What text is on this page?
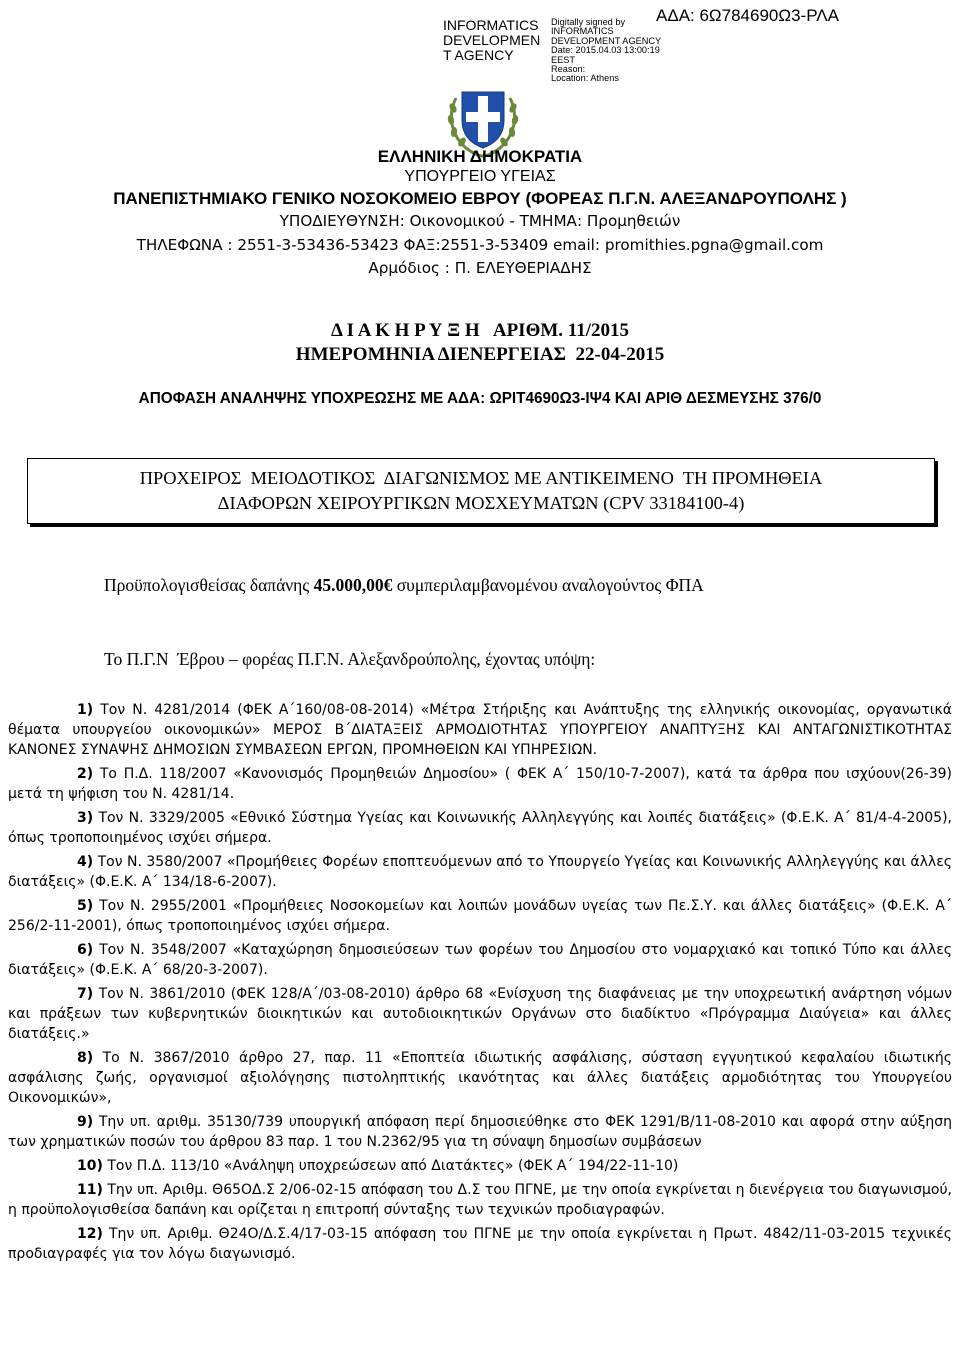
INFORMATICS
DEVELOPMEN
T AGENCY
Digitally signed by
INFORMATICS
DEVELOPMENT AGENCY
Date: 2015.04.03 13:00:19
EEST
Reason:
Location: Athens
ΑΔΑ: 6Ω784690Ω3-ΡΛΑ
ΕΛΛΗΝΙΚΗ ΔΗΜΟΚΡΑΤΙΑ
ΥΠΟΥΡΓΕΙΟ ΥΓΕΙΑΣ
ΠΑΝΕΠΙΣΤΗΜΙΑΚΟ ΓΕΝΙΚΟ ΝΟΣΟΚΟΜΕΙΟ ΕΒΡΟΥ (ΦΟΡΕΑΣ Π.Γ.Ν. ΑΛΕΞΑΝΔΡΟΥΠΟΛΗΣ )
ΥΠΟΔΙΕΥΘΥΝΣΗ: Οικονομικού - ΤΜΗΜΑ: Προμηθειών
ΤΗΛΕΦΩΝΑ : 2551-3-53436-53423 ΦΑΞ:2551-3-53409 email: promithies.pgna@gmail.com
Αρμόδιος : Π. ΕΛΕΥΘΕΡΙΑΔΗΣ
Δ Ι Α Κ Η Ρ Υ Ξ Η   ΑΡΙΘΜ. 11/2015
ΗΜΕΡΟΜΗΝΙΑ ΔΙΕΝΕΡΓΕΙΑΣ  22-04-2015
ΑΠΟΦΑΣΗ ΑΝΑΛΗΨΗΣ ΥΠΟΧΡΕΩΣΗΣ ΜΕ ΑΔΑ: ΩΡΙΤ4690Ω3-ΙΨ4 ΚΑΙ ΑΡΙΘ ΔΕΣΜΕΥΣΗΣ 376/0
ΠΡΟΧΕΙΡΟΣ  ΜΕΙΟΔΟΤΙΚΟΣ  ΔΙΑΓΩΝΙΣΜΟΣ ΜΕ ΑΝΤΙΚΕΙΜΕΝΟ  ΤΗ ΠΡΟΜΗΘΕΙΑ
ΔΙΑΦΟΡΩΝ ΧΕΙΡΟΥΡΓΙΚΩΝ ΜΟΣΧΕΥΜΑΤΩΝ (CPV 33184100-4)
Προϋπολογισθείσας δαπάνης 45.000,00€ συμπεριλαμβανομένου αναλογούντος ΦΠΑ
Το Π.Γ.Ν  Έβρου – φορέας Π.Γ.Ν. Αλεξανδρούπολης, έχοντας υπόψη:

1) Τον Ν. 4281/2014 (ΦΕΚ Α΄160/08-08-2014) «Μέτρα Στήριξης και Ανάπτυξης της ελληνικής οικονομίας, οργανωτικά θέματα υπουργείου οικονομικών» ΜΕΡΟΣ Β΄ΔΙΑΤΑΞΕΙΣ ΑΡΜΟΔΙΟΤΗΤΑΣ ΥΠΟΥΡΓΕΙΟΥ ΑΝΑΠΤΥΞΗΣ ΚΑΙ ΑΝΤΑΓΩΝΙΣΤΙΚΟΤΗΤΑΣ ΚΑΝΟΝΕΣ ΣΥΝΑΨΗΣ ΔΗΜΟΣΙΩΝ ΣΥΜΒΑΣΕΩΝ ΕΡΓΩΝ, ΠΡΟΜΗΘΕΙΩΝ ΚΑΙ ΥΠΗΡΕΣΙΩΝ.

2) Το Π.Δ. 118/2007 «Κανονισμός Προμηθειών Δημοσίου» ( ΦΕΚ Α΄ 150/10-7-2007), κατά τα άρθρα που ισχύουν(26-39) μετά τη ψήφιση του Ν. 4281/14.

3) Τον Ν. 3329/2005 «Εθνικό Σύστημα Υγείας και Κοινωνικής Αλληλεγγύης και λοιπές διατάξεις» (Φ.Ε.Κ. Α΄ 81/4-4-2005), όπως τροποποιημένος ισχύει σήμερα.

4) Τον Ν. 3580/2007 «Προμήθειες Φορέων εποπτευόμενων από το Υπουργείο Υγείας και Κοινωνικής Αλληλεγγύης και άλλες διατάξεις» (Φ.Ε.Κ. Α΄ 134/18-6-2007).

5) Τον Ν. 2955/2001 «Προμήθειες Νοσοκομείων και λοιπών μονάδων υγείας των Πε.Σ.Υ. και άλλες διατάξεις» (Φ.Ε.Κ. Α΄ 256/2-11-2001), όπως τροποποιημένος ισχύει σήμερα.

6) Τον Ν. 3548/2007 «Καταχώρηση δημοσιεύσεων των φορέων του Δημοσίου στο νομαρχιακό και τοπικό Τύπο και άλλες διατάξεις» (Φ.Ε.Κ. Α΄ 68/20-3-2007).

7) Τον Ν. 3861/2010 (ΦΕΚ 128/Α΄/03-08-2010) άρθρο 68 «Ενίσχυση της διαφάνειας με την υποχρεωτική ανάρτηση νόμων και πράξεων των κυβερνητικών διοικητικών και αυτοδιοικητικών Οργάνων στο διαδίκτυο «Πρόγραμμα Διαύγεια» και άλλες διατάξεις.»

8) Το Ν. 3867/2010 άρθρο 27, παρ. 11 «Εποπτεία ιδιωτικής ασφάλισης, σύσταση εγγυητικού κεφαλαίου ιδιωτικής ασφάλισης ζωής, οργανισμοί αξιολόγησης πιστοληπτικής ικανότητας και άλλες διατάξεις αρμοδιότητας του Υπουργείου Οικονομικών»,

9) Την υπ. αριθμ. 35130/739 υπουργική απόφαση περί δημοσιεύθηκε στο ΦΕΚ 1291/Β/11-08-2010 και αφορά στην αύξηση των χρηματικών ποσών του άρθρου 83 παρ. 1 του Ν.2362/95 για τη σύναψη δημοσίων συμβάσεων

10) Τον Π.Δ. 113/10 «Ανάληψη υποχρεώσεων από Διατάκτες» (ΦΕΚ Α΄ 194/22-11-10)

11) Την υπ. Αριθμ. Θ65ΟΔ.Σ 2/06-02-15 απόφαση του Δ.Σ του ΠΓΝΕ, με την οποία εγκρίνεται η διενέργεια του διαγωνισμού, η προϋπολογισθείσα δαπάνη και ορίζεται η επιτροπή σύνταξης των τεχνικών προδιαγραφών.

12) Την υπ. Αριθμ. Θ24Ο/Δ.Σ.4/17-03-15 απόφαση του ΠΓΝΕ με την οποία εγκρίνεται η Πρωτ. 4842/11-03-2015 τεχνικές προδιαγραφές για τον λόγω διαγωνισμό.
